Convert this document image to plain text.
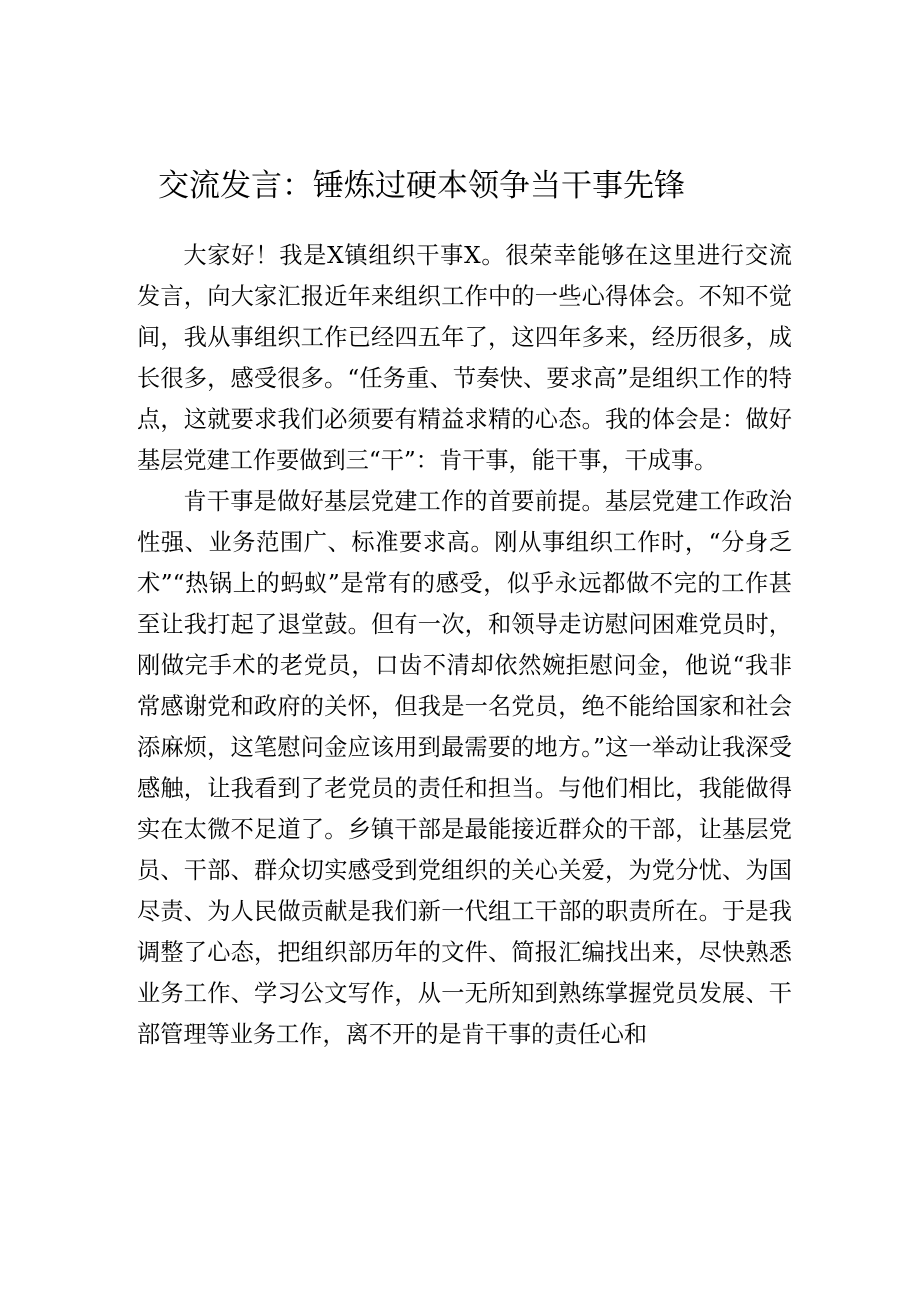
交流发言：锤炼过硬本领争当干事先锋

大家好！我是X镇组织干事X。很荣幸能够在这里进行交流发言，向大家汇报近年来组织工作中的一些心得体会。不知不觉间，我从事组织工作已经四五年了，这四年多来，经历很多，成长很多，感受很多。“任务重、节奏快、要求高”是组织工作的特点，这就要求我们必须要有精益求精的心态。我的体会是：做好基层党建工作要做到三“干”：肯干事，能干事，干成事。

肯干事是做好基层党建工作的首要前提。基层党建工作政治性强、业务范围广、标准要求高。刚从事组织工作时，“分身乏术”“热锅上的蚂蚁”是常有的感受，似乎永远都做不完的工作甚至让我打起了退堂鼓。但有一次，和领导走访慰问困难党员时，刚做完手术的老党员，口齿不清却依然婉拒慰问金，他说“我非常感谢党和政府的关怀，但我是一名党员，绝不能给国家和社会添麻烦，这笔慰问金应该用到最需要的地方。”这一举动让我深受感触，让我看到了老党员的责任和担当。与他们相比，我能做得实在太微不足道了。乡镇干部是最能接近群众的干部，让基层党员、干部、群众切实感受到党组织的关心关爱，为党分忧、为国尽责、为人民做贡献是我们新一代组工干部的职责所在。于是我调整了心态，把组织部历年的文件、简报汇编找出来，尽快熟悉业务工作、学习公文写作，从一无所知到熟练掌握党员发展、干部管理等业务工作，离不开的是肯干事的责任心和
